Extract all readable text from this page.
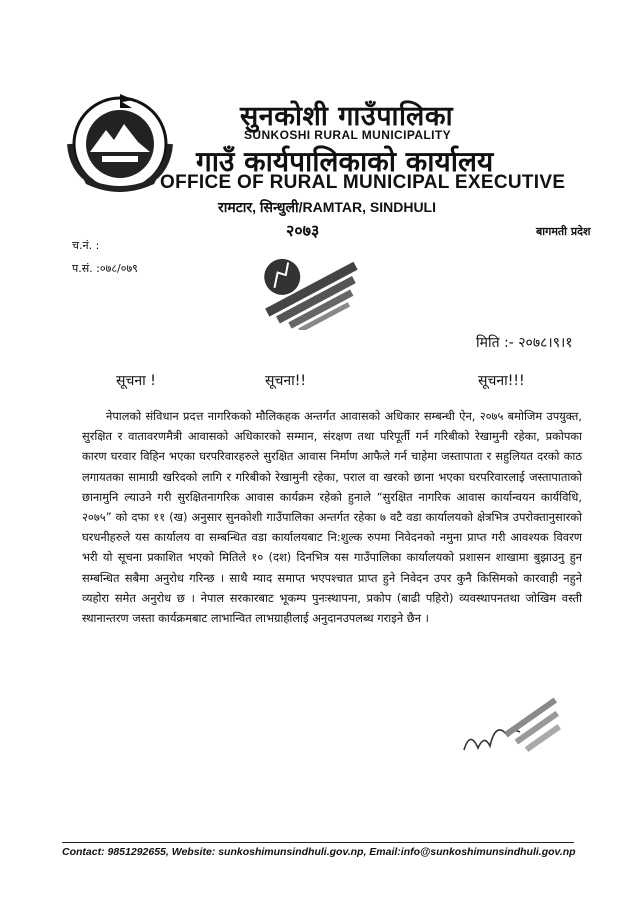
सुनकोशी गाउँपालिका
SUNKOSHI RURAL MUNICIPALITY
गाउँ कार्यपालिकाको कार्यालय
OFFICE OF RURAL MUNICIPAL EXECUTIVE
रामटार, सिन्धुली/RAMTAR, SINDHULI
२०७३	बागमती प्रदेश
च.नं. :
प.सं. :०७८/०७९
मिति :- २०७८।९।१
सूचना !	सूचना!!	सूचना!!!

नेपालको संविधान प्रदत्त नागरिकको मौलिकहक अन्तर्गत आवासको अधिकार सम्बन्धी ऐन, २०७५ बमोजिम उपयुक्त, सुरक्षित र वातावरणमैत्री आवासको अधिकारको सम्मान, संरक्षण तथा परिपूर्ती गर्न गरिबीको रेखामुनी रहेका, प्रकोपका कारण घरवार विहिन भएका घरपरिवारहरुले सुरक्षित आवास निर्माण आफैले गर्न चाहेमा जस्तापाता र सहुलियत दरको काठ लगायतका सामाग्री खरिदको लागि र गरिबीको रेखामुनी रहेका, पराल वा खरको छाना भएका घरपरिवारलाई जस्तापाताको छानामुनि ल्याउने गरी सुरक्षितनागरिक आवास कार्यक्रम रहेको हुनाले “सुरक्षित नागरिक आवास कार्यान्वयन कार्यविधि, २०७५” को दफा ११ (ख) अनुसार सुनकोशी गाउँपालिका अन्तर्गत रहेका ७ वटै वडा कार्यालयको क्षेत्रभित्र उपरोक्तानुसारको घरधनीहरुले यस कार्यालय वा सम्बन्धित वडा कार्यालयबाट नि:शुल्क रुपमा निवेदनको नमुना प्राप्त गरी आवश्यक विवरण भरी यो सूचना प्रकाशित भएको मितिले १० (दश) दिनभित्र यस गाउँपालिका कार्यालयको प्रशासन शाखामा बुझाउनु हुन सम्बन्धित सबैमा अनुरोध गरिन्छ । साथै म्याद समाप्त भएपश्चात प्राप्त हुने निवेदन उपर कुनै किसिमको कारवाही नहुने व्यहोरा समेत अनुरोध छ । नेपाल सरकारबाट भूकम्प पुनःस्थापना, प्रकोप (बाढी पहिरो) व्यवस्थापनतथा जोखिम वस्ती स्थानान्तरण जस्ता कार्यक्रमबाट लाभान्वित लाभग्राहीलाई अनुदानउपलब्ध गराइने छैन ।

Contact: 9851292655, Website: sunkoshimunsindhuli.gov.np, Email:info@sunkoshimunsindhuli.gov.np
